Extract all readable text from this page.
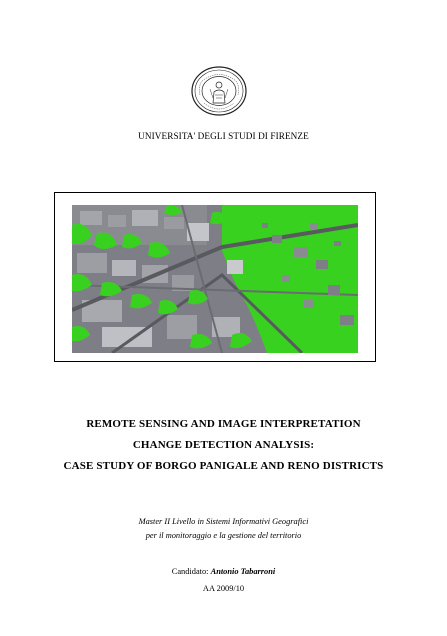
UNIVERSITA' DEGLI STUDI DI FIRENZE
REMOTE SENSING AND IMAGE INTERPRETATION
CHANGE DETECTION ANALYSIS:
CASE STUDY OF BORGO PANIGALE AND RENO DISTRICTS
Master II Livello in Sistemi Informativi Geografici
per il monitoraggio e la gestione del territorio
Candidato: Antonio Tabarroni
AA 2009/10
